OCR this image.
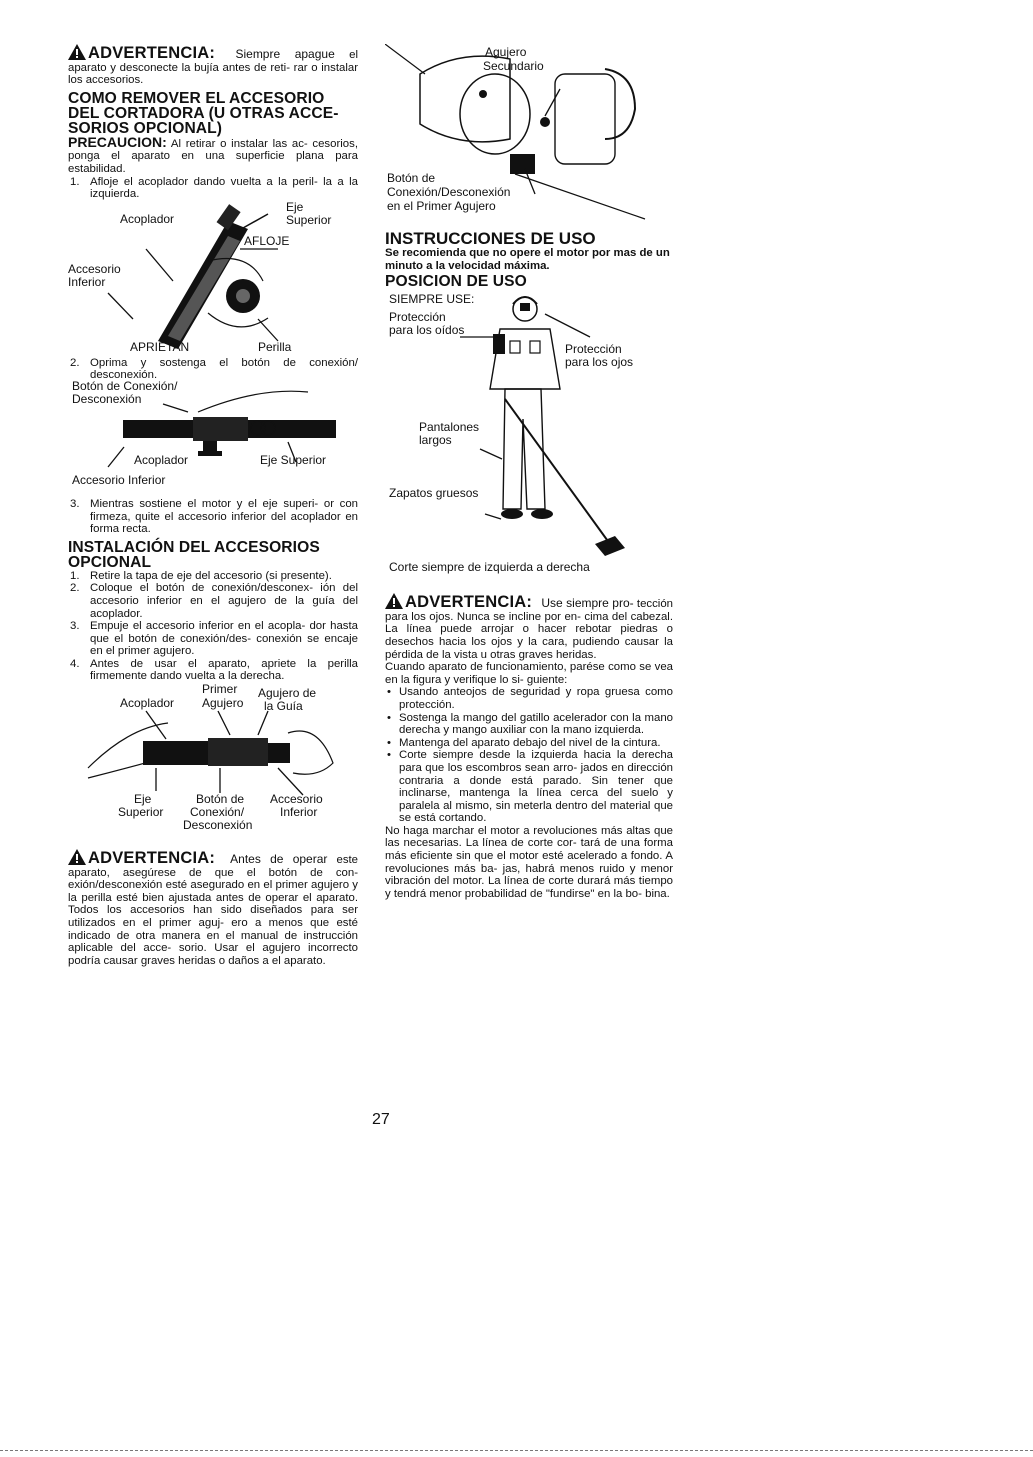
ADVERTENCIA: Siempre apague el aparato y desconecte la bujía antes de reti- rar o instalar los accesorios.

COMO REMOVER EL ACCESORIO DEL CORTADORA (U OTRAS ACCE- SORIOS OPCIONAL)

PRECAUCION: Al retirar o instalar las ac- cesorios, ponga el aparato en una superficie plana para estabilidad.

1. Afloje el acoplador dando vuelta a la peril- la a la izquierda.
Acoplador
Eje
Superior
AFLOJE
Accesorio
Inferior
APRIETAN	Perilla
2. Oprima y sostenga el botón de conexión/ desconexión.
Botón de Conexión/
Desconexión
Acoplador	Eje Superior
Accesorio Inferior
3. Mientras sostiene el motor y el eje superi- or con firmeza, quite el accesorio inferior del acoplador en forma recta.

INSTALACIÓN DEL ACCESORIOS OPCIONAL

1. Retire la tapa de eje del accesorio (si presente).
2. Coloque el botón de conexión/desconex- ión del accesorio inferior en el agujero de la guía del acoplador.
3. Empuje el accesorio inferior en el acopla- dor hasta que el botón de conexión/des- conexión se encaje en el primer agujero.
4. Antes de usar el aparato, apriete la perilla firmemente dando vuelta a la derecha.
Acoplador
Primer
Agujero
Agujero de
la Guía
Eje
Superior
Botón de
Conexión/
Desconexión
Accesorio
Inferior

ADVERTENCIA: Antes de operar este aparato, asegúrese de que el botón de con- exión/desconexión esté asegurado en el primer agujero y la perilla esté bien ajustada antes de operar el aparato. Todos los accesorios han sido diseñados para ser utilizados en el primer aguj- ero a menos que esté indicado de otra manera en el manual de instrucción aplicable del acce- sorio. Usar el agujero incorrecto podría causar graves heridas o daños a el aparato.

Agujero
Secundario
Botón de
Conexión/Desconexión
en el Primer Agujero

INSTRUCCIONES DE USO

Se recomienda que no opere el motor por mas de un minuto a la velocidad máxima.

POSICION DE USO

SIEMPRE USE:
Protección
para los oídos
Protección
para los ojos
Pantalones
largos
Zapatos gruesos
Corte siempre de izquierda a derecha

ADVERTENCIA: Use siempre pro- tección para los ojos. Nunca se incline por en- cima del cabezal. La línea puede arrojar o hacer rebotar piedras o desechos hacia los ojos y la cara, pudiendo causar la pérdida de la vista u otras graves heridas.

Cuando aparato de funcionamiento, parése como se vea en la figura y verifique lo si- guiente:

• Usando anteojos de seguridad y ropa gruesa como protección.
• Sostenga la mango del gatillo acelerador con la mano derecha y mango auxiliar con la mano izquierda.
• Mantenga del aparato debajo del nivel de la cintura.
• Corte siempre desde la izquierda hacia la derecha para que los escombros sean arro- jados en dirección contraria a donde está parado. Sin tener que inclinarse, mantenga la línea cerca del suelo y paralela al mismo, sin meterla dentro del material que se está cortando.

No haga marchar el motor a revoluciones más altas que las necesarias. La línea de corte cor- tará de una forma más eficiente sin que el motor esté acelerado a fondo. A revoluciones más ba- jas, habrá menos ruido y menor vibración del motor. La línea de corte durará más tiempo y tendrá menor probabilidad de "fundirse" en la bo- bina.

27
